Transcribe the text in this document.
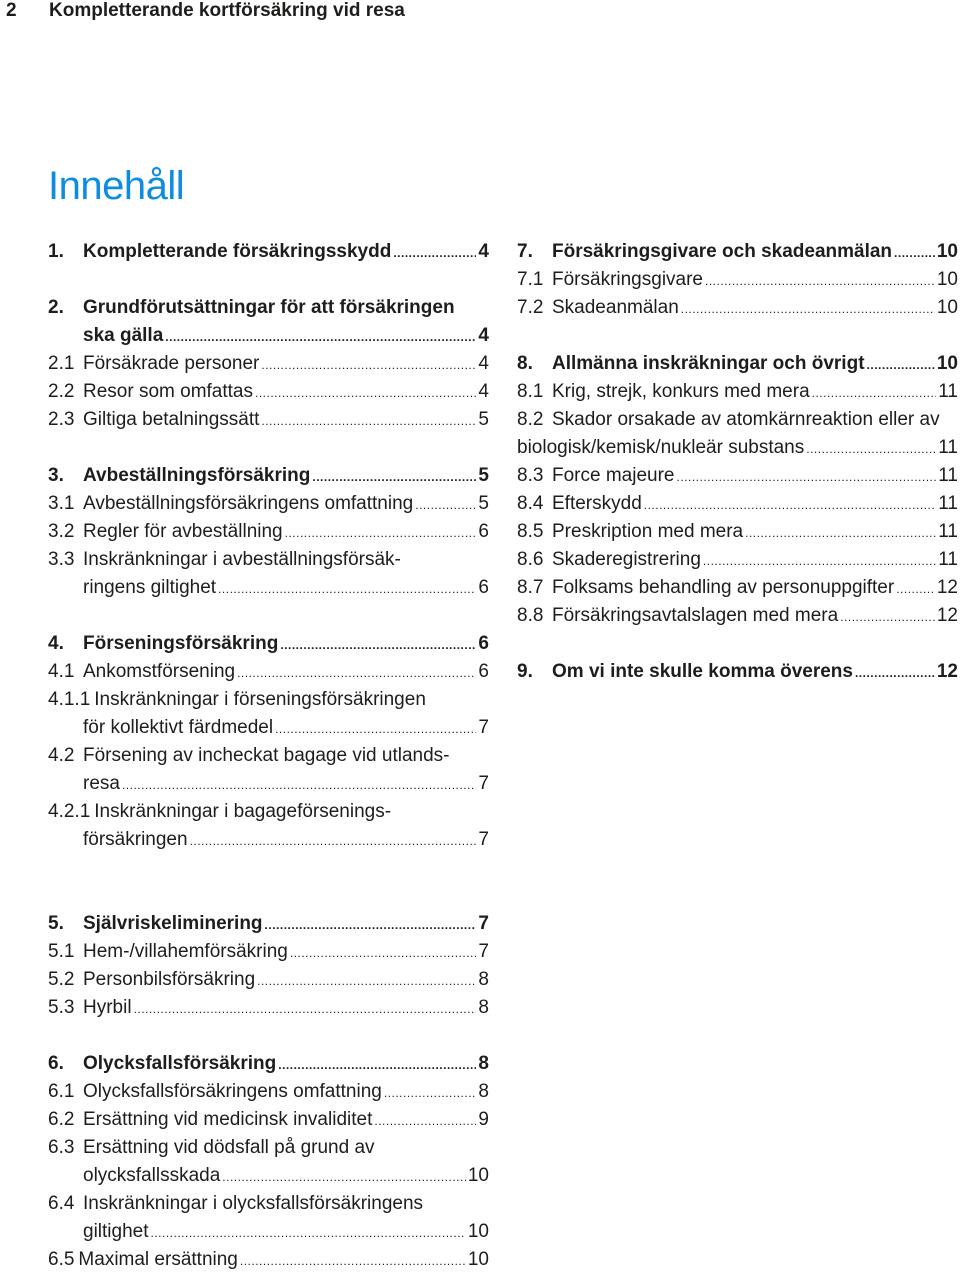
2 Kompletterande kortförsäkring vid resa
Innehåll
1.	Kompletterande försäkringsskydd .....	4
2.	Grundförutsättningar för att försäkringen
ska gälla .....	4
2.1 Försäkrade personer .....	4
2.2 Resor som omfattas .....	4
2.3 Giltiga betalningssätt .....	5
3.	Avbeställningsförsäkring .....	5
3.1 Avbeställningsförsäkringens omfattning .....	5
3.2 Regler för avbeställning .....	6
3.3 Inskränkningar i avbeställningsförsäk-
ringens giltighet .....	6
4.	Förseningsförsäkring .....	6
4.1 Ankomstförsening .....	6
4.1.1 Inskränkningar i förseningsförsäkringen
för kollektivt färdmedel .....	7
4.2 Försening av incheckat bagage vid utlands-
resa .....	7
4.2.1 Inskränkningar i bagageförsenings-
försäkringen .....	7
5.	Självriskeliminering .....	7
5.1 Hem-/villahemförsäkring .....	7
5.2 Personbilsförsäkring .....	8
5.3 Hyrbil .....	8
6.	Olycksfallsförsäkring .....	8
6.1 Olycksfallsförsäkringens omfattning .....	8
6.2 Ersättning vid medicinsk invaliditet .....	9
6.3 Ersättning vid dödsfall på grund av
olycksfallsskada .....	10
6.4 Inskränkningar i olycksfallsförsäkringens
giltighet .....	10
6.5 Maximal ersättning .....	10
7.	Försäkringsgivare och skadeanmälan ..... 10
7.1 Försäkringsgivare .....	10
7.2 Skadeanmälan .....	10
8.	Allmänna inskräkningar och övrigt .....	10
8.1 Krig, strejk, konkurs med mera .....	11
8.2 Skador orsakade av atomkärnreaktion eller av
biologisk/kemisk/nukleär substans .....	11
8.3 Force majeure .....	11
8.4 Efterskydd .....	11
8.5 Preskription med mera .....	11
8.6 Skaderegistrering .....	11
8.7 Folksams behandling av personuppgifter ..... 12
8.8 Försäkringsavtalslagen med mera .....	12
9.	Om vi inte skulle komma överens .....	12
